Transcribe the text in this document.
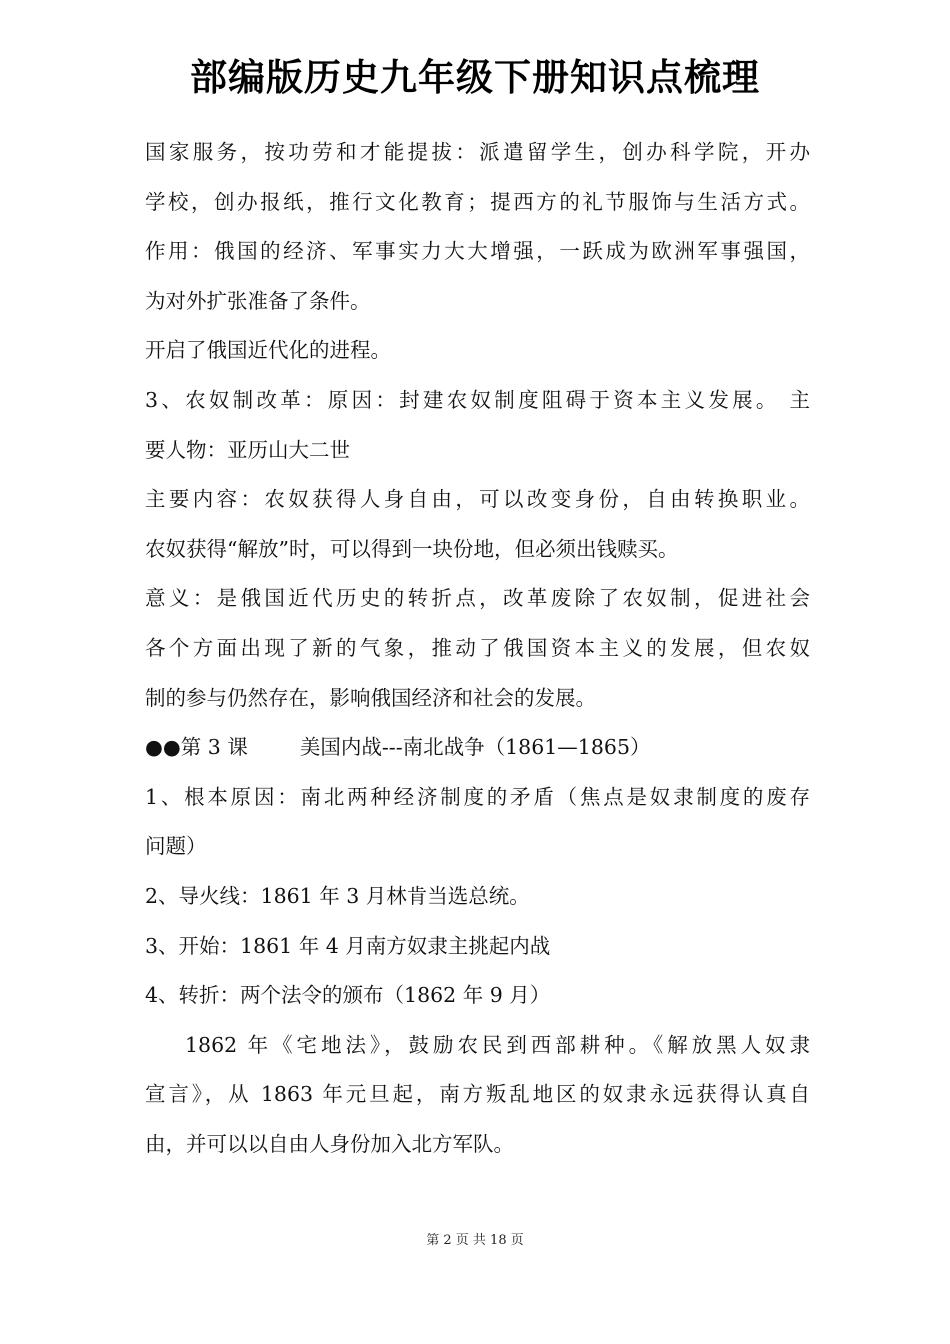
部编版历史九年级下册知识点梳理
国家服务，按功劳和才能提拔：派遣留学生，创办科学院，开办
学校，创办报纸，推行文化教育；提西方的礼节服饰与生活方式。
作用：俄国的经济、军事实力大大增强，一跃成为欧洲军事强国，
为对外扩张准备了条件。
开启了俄国近代化的进程。
3、农奴制改革：原因：封建农奴制度阻碍于资本主义发展。 主
要人物：亚历山大二世
主要内容：农奴获得人身自由，可以改变身份，自由转换职业。
农奴获得“解放”时，可以得到一块份地，但必须出钱赎买。
意义：是俄国近代历史的转折点，改革废除了农奴制，促进社会
各个方面出现了新的气象，推动了俄国资本主义的发展，但农奴
制的参与仍然存在，影响俄国经济和社会的发展。
●●第 3 课	美国内战---南北战争（1861—1865）
1、根本原因：南北两种经济制度的矛盾（焦点是奴隶制度的废存
问题）
2、导火线：1861 年 3 月林肯当选总统。
3、开始：1861 年 4 月南方奴隶主挑起内战
4、转折：两个法令的颁布（1862 年 9 月）
1862 年《宅地法》，鼓励农民到西部耕种。《解放黑人奴隶
宣言》，从 1863 年元旦起，南方叛乱地区的奴隶永远获得认真自
由，并可以以自由人身份加入北方军队。
第 2 页 共 18 页
